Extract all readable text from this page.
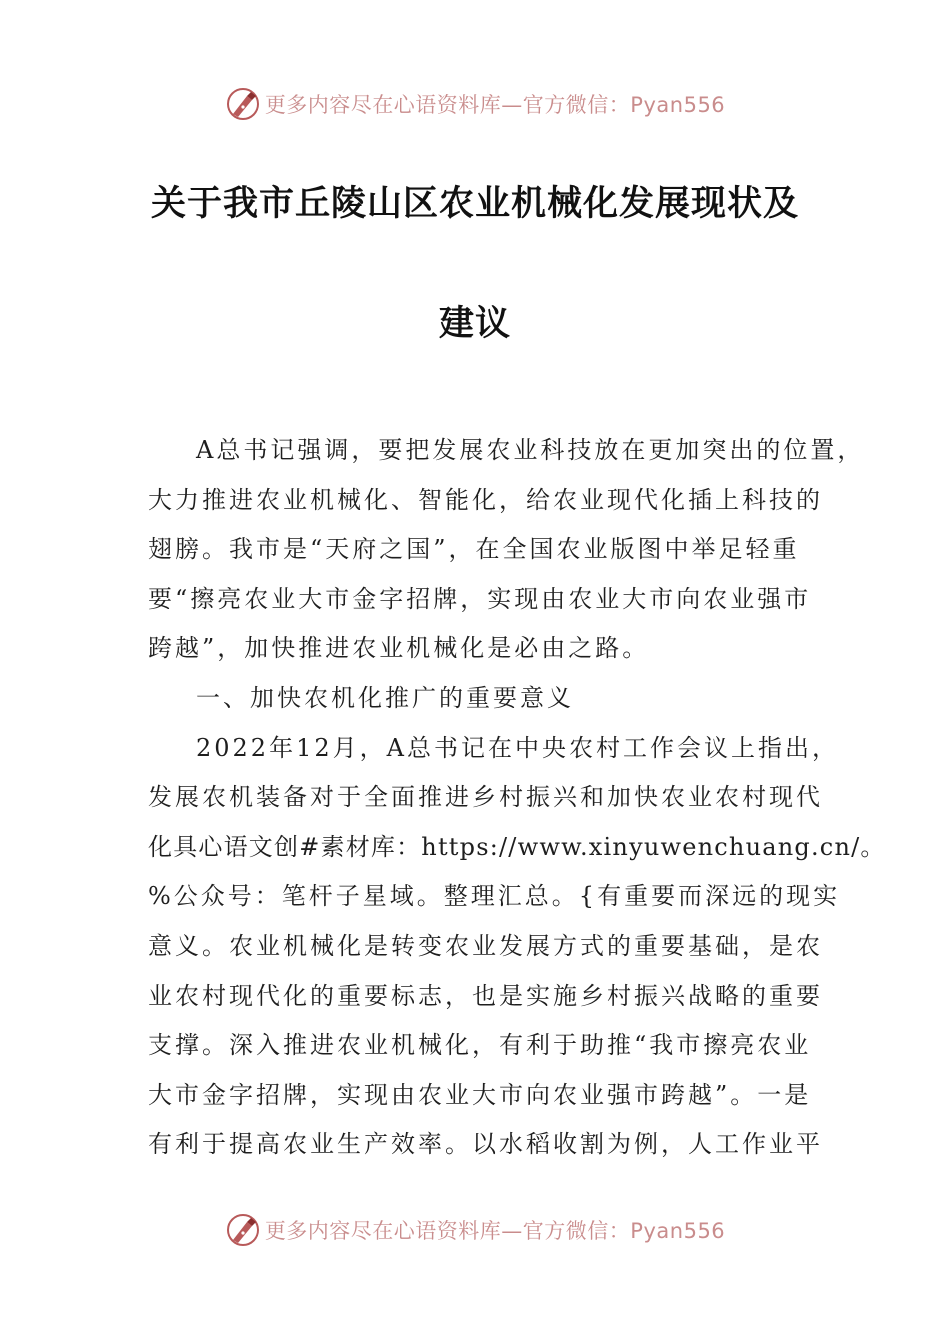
更多内容尽在心语资料库—官方微信：Pyan556
关于我市丘陵山区农业机械化发展现状及
建议
A总书记强调，要把发展农业科技放在更加突出的位置，
大力推进农业机械化、智能化，给农业现代化插上科技的
翅膀。我市是“天府之国”，在全国农业版图中举足轻重
要“擦亮农业大市金字招牌，实现由农业大市向农业强市
跨越”，加快推进农业机械化是必由之路。
一、加快农机化推广的重要意义
2022年12月，A总书记在中央农村工作会议上指出，
发展农机装备对于全面推进乡村振兴和加快农业农村现代
化具心语文创#素材库：https://www.xinyuwenchuang.cn/。
%公众号：笔杆子星域。整理汇总。{有重要而深远的现实
意义。农业机械化是转变农业发展方式的重要基础，是农
业农村现代化的重要标志，也是实施乡村振兴战略的重要
支撑。深入推进农业机械化，有利于助推“我市擦亮农业
大市金字招牌，实现由农业大市向农业强市跨越”。一是
有利于提高农业生产效率。以水稻收割为例，人工作业平
更多内容尽在心语资料库—官方微信：Pyan556
